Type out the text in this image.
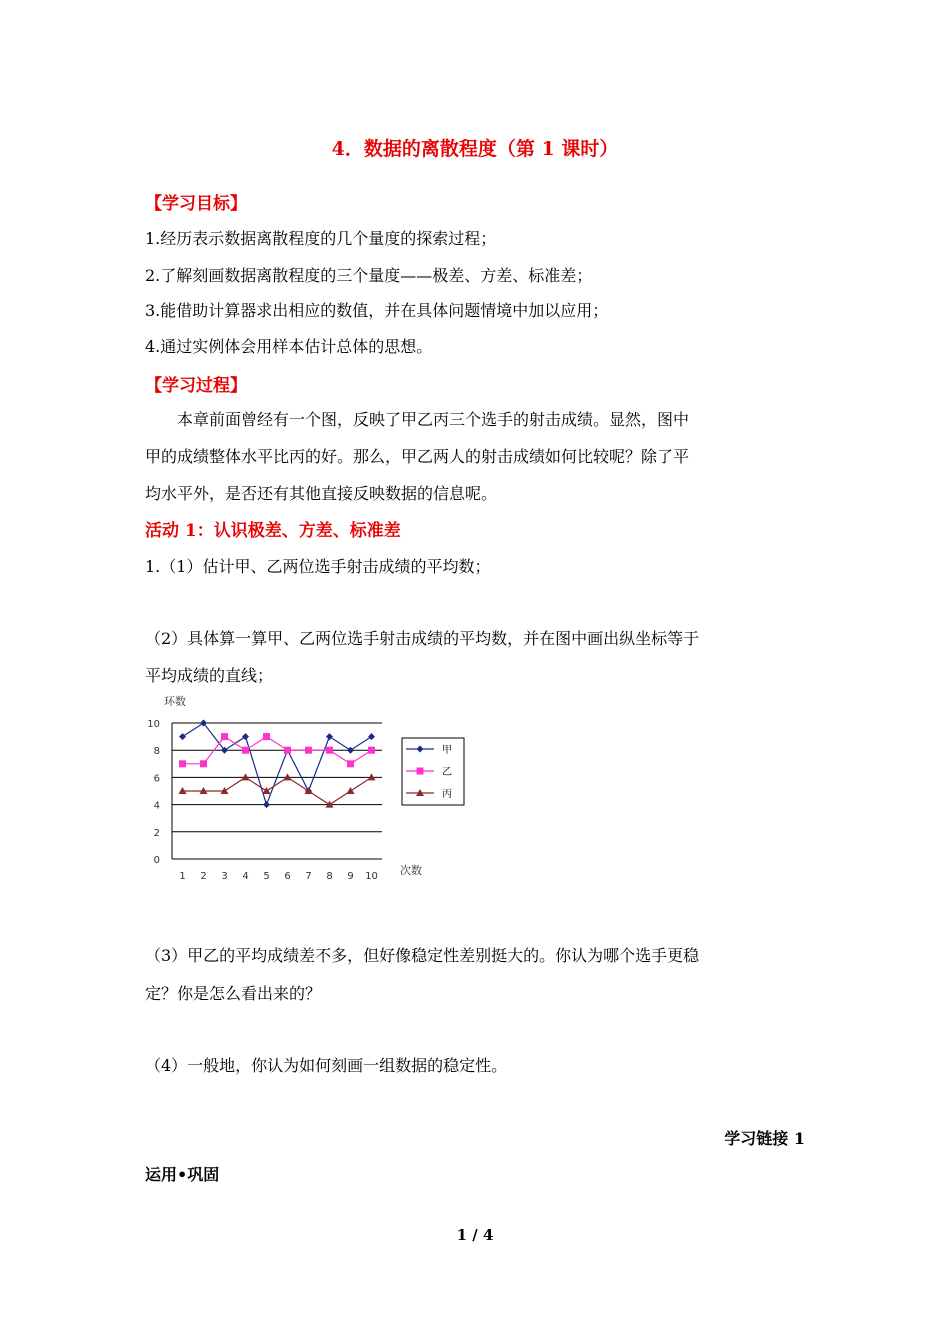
4．数据的离散程度（第 1 课时）
【学习目标】
1.经历表示数据离散程度的几个量度的探索过程；
2.了解刻画数据离散程度的三个量度——极差、方差、标准差；
3.能借助计算器求出相应的数值，并在具体问题情境中加以应用；
4.通过实例体会用样本估计总体的思想。
【学习过程】
本章前面曾经有一个图，反映了甲乙丙三个选手的射击成绩。显然，图中
甲的成绩整体水平比丙的好。那么，甲乙两人的射击成绩如何比较呢？除了平
均水平外，是否还有其他直接反映数据的信息呢。
活动 1：认识极差、方差、标准差
1.（1）估计甲、乙两位选手射击成绩的平均数；
（2）具体算一算甲、乙两位选手射击成绩的平均数，并在图中画出纵坐标等于
平均成绩的直线；
0
2
4
6
8
10
1 2 3 4 5 6 7 8 9 10
环数
次数
甲
乙
丙
（3）甲乙的平均成绩差不多，但好像稳定性差别挺大的。你认为哪个选手更稳
定？你是怎么看出来的？
（4）一般地，你认为如何刻画一组数据的稳定性。
学习链接 1
运用•巩固
1 / 4
